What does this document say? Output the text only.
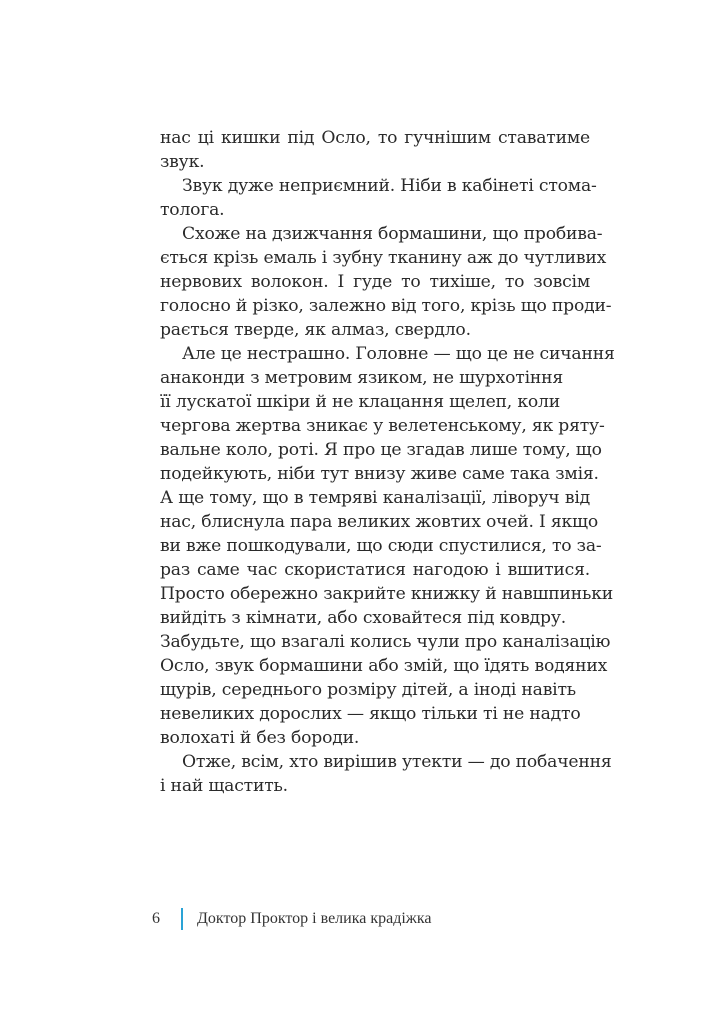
нас ці кишки під Осло, то гучнішим ставатиме
звук.
Звук дуже неприємний. Ніби в кабінеті стома-
толога.
Схоже на дзижчання бормашини, що пробива-
ється крізь емаль і зубну тканину аж до чутливих
нервових волокон. І гуде то тихіше, то зовсім
голосно й різко, залежно від того, крізь що проди-
рається тверде, як алмаз, свердло.
Але це нестрашно. Головне — що це не сичання
анаконди з метровим язиком, не шурхотіння
її лускатої шкіри й не клацання щелеп, коли
чергова жертва зникає у велетенському, як ряту-
вальне коло, роті. Я про це згадав лише тому, що
подейкують, ніби тут внизу живе саме така змія.
А ще тому, що в темряві каналізації, ліворуч від
нас, блиснула пара великих жовтих очей. І якщо
ви вже пошкодували, що сюди спустилися, то за-
раз саме час скористатися нагодою і вшитися.
Просто обережно закрийте книжку й навшпиньки
вийдіть з кімнати, або сховайтеся під ковдру.
Забудьте, що взагалі колись чули про каналізацію
Осло, звук бормашини або змій, що їдять водяних
щурів, середнього розміру дітей, а іноді навіть
невеликих дорослих — якщо тільки ті не надто
волохаті й без бороди.
Отже, всім, хто вирішив утекти — до побачення
і най щастить.
6 Доктор Проктор і велика крадіжка
